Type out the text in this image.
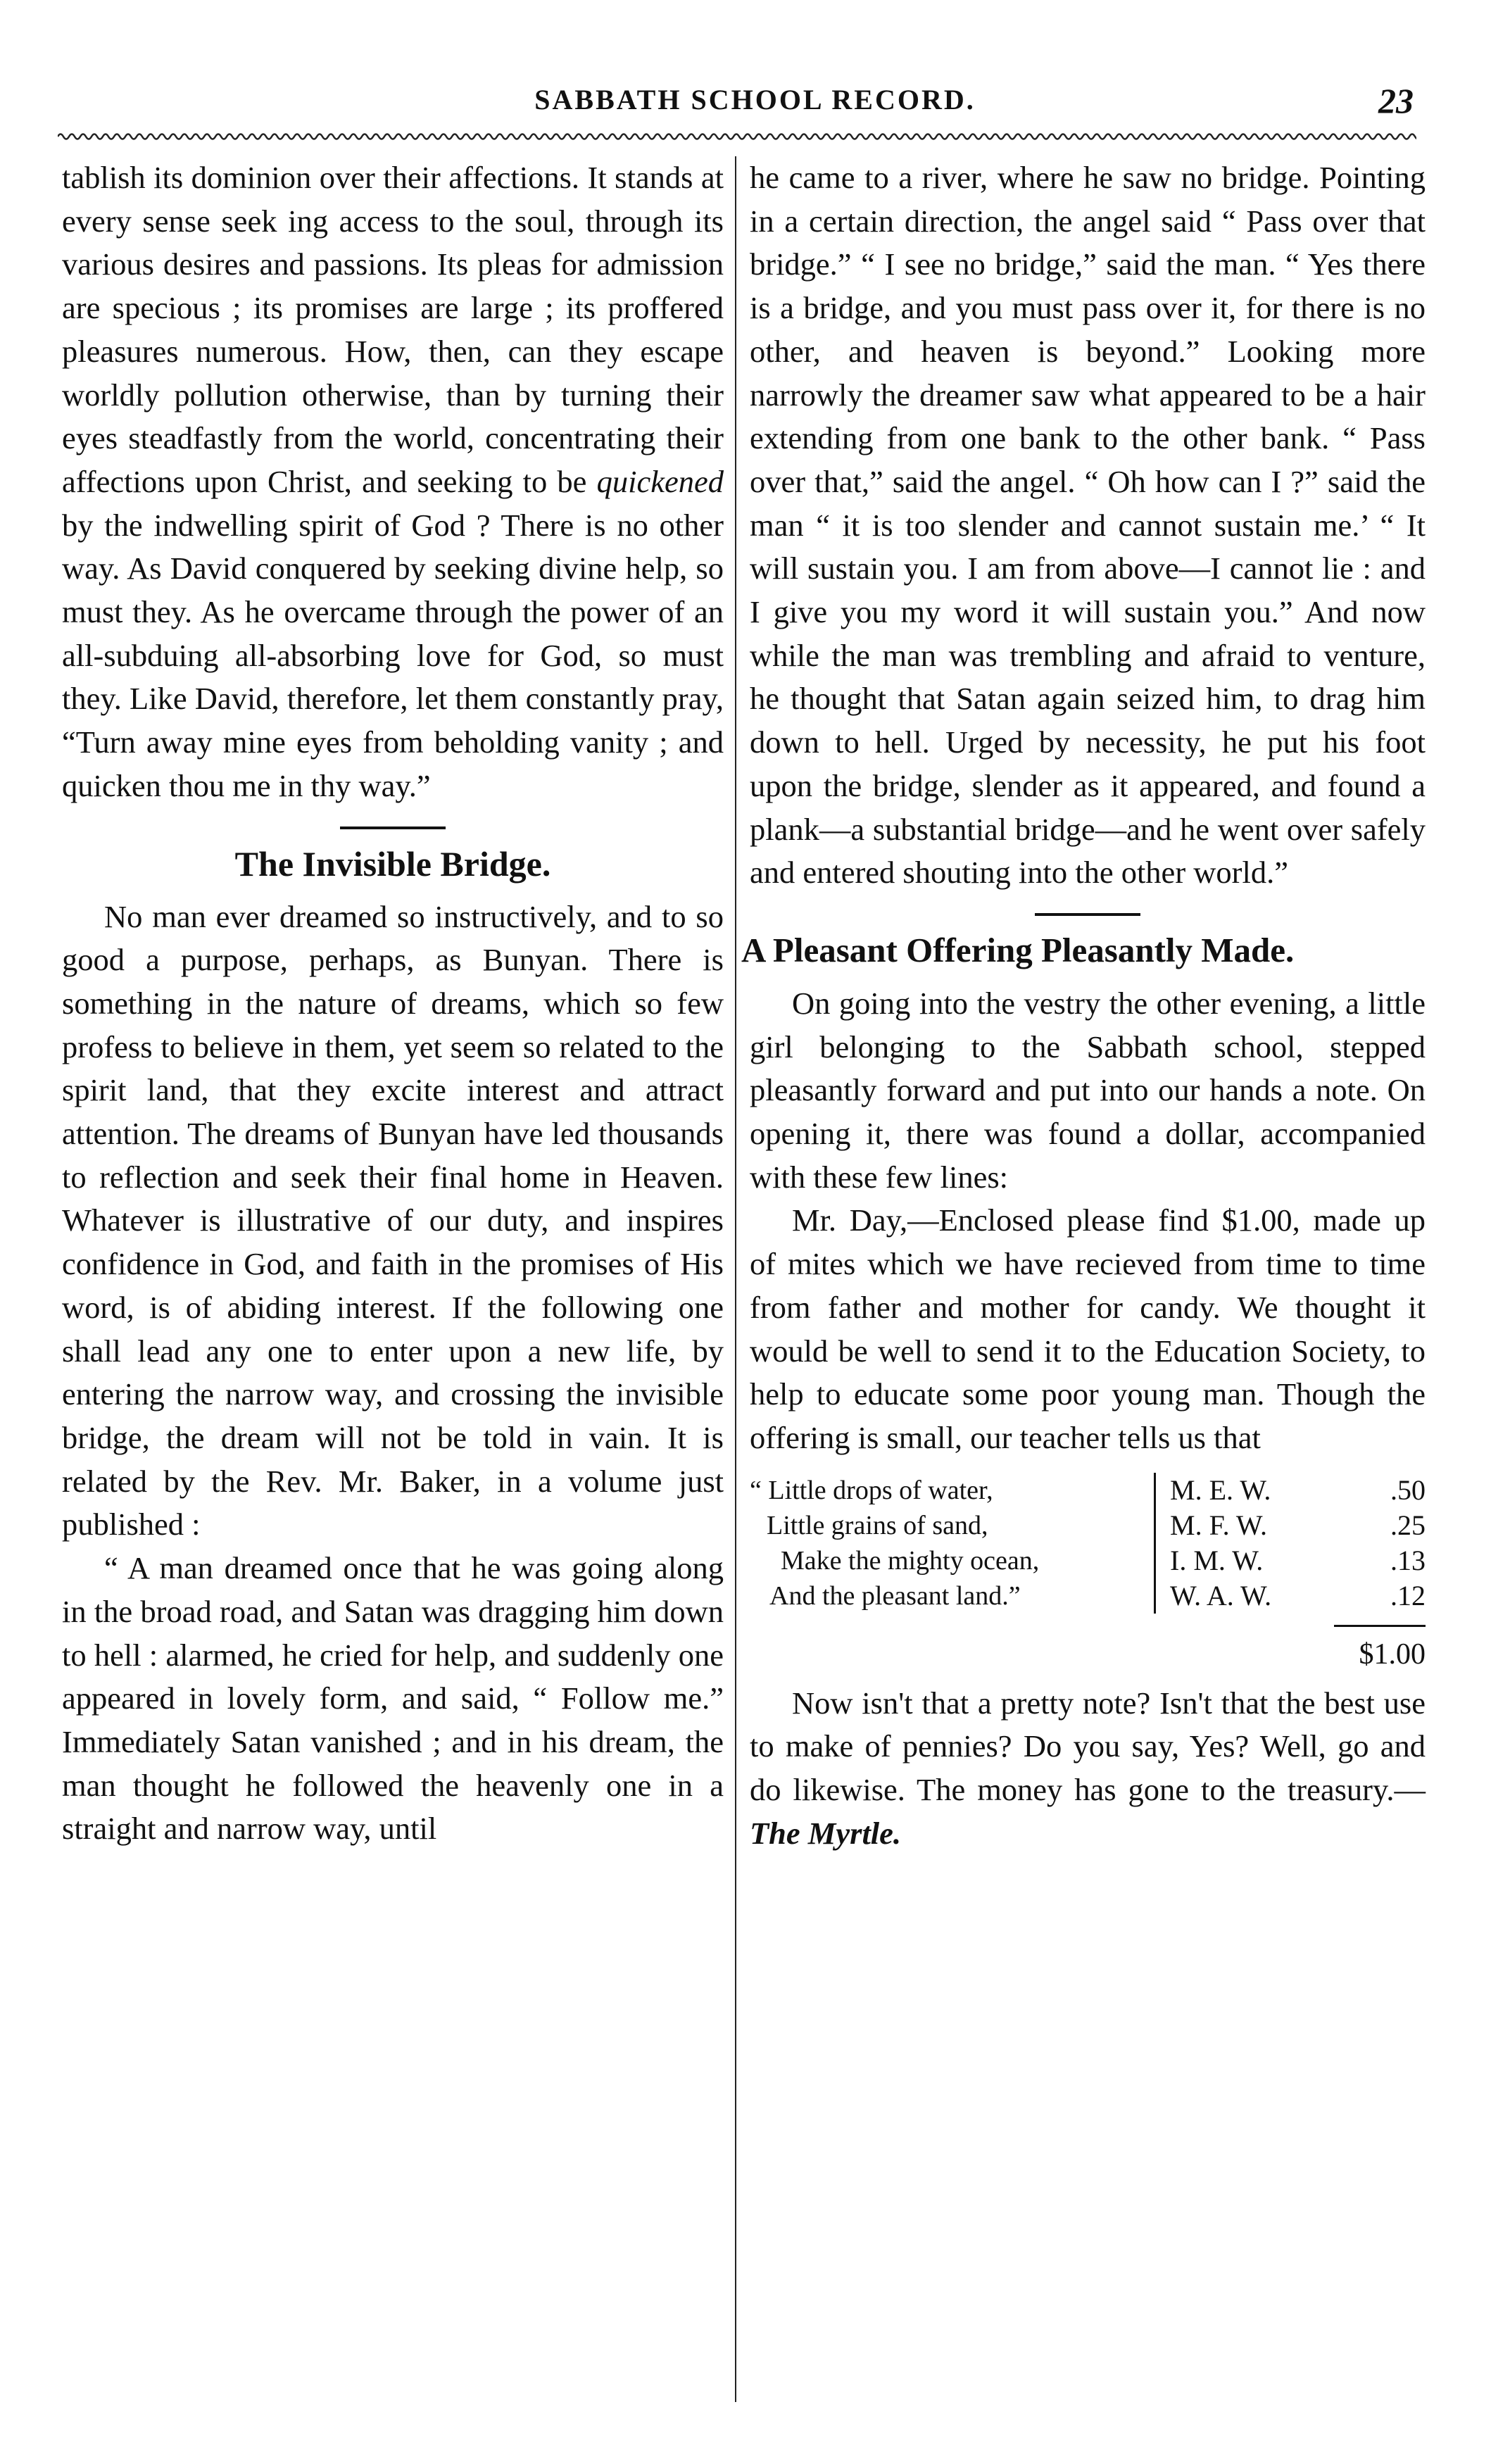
SABBATH SCHOOL RECORD.	23

tablish its dominion over their affections. It stands at every sense seek ing access to the soul, through its various desires and passions. Its pleas for admission are specious ; its promises are large ; its proffered pleasures numerous. How, then, can they escape worldly pollution otherwise, than by turning their eyes steadfastly from the world, concentrating their affections upon Christ, and seeking to be quickened by the indwelling spirit of God ? There is no other way. As David conquered by seeking divine help, so must they. As he overcame through the power of an all-subduing all-absorbing love for God, so must they. Like David, therefore, let them constantly pray, “Turn away mine eyes from beholding vanity ; and quicken thou me in thy way.”

The Invisible Bridge.

No man ever dreamed so instructively, and to so good a purpose, perhaps, as Bunyan. There is something in the nature of dreams, which so few profess to believe in them, yet seem so related to the spirit land, that they excite interest and attract attention. The dreams of Bunyan have led thousands to reflection and seek their final home in Heaven. Whatever is illustrative of our duty, and inspires confidence in God, and faith in the promises of His word, is of abiding interest. If the following one shall lead any one to enter upon a new life, by entering the narrow way, and crossing the invisible bridge, the dream will not be told in vain. It is related by the Rev. Mr. Baker, in a volume just published :

“ A man dreamed once that he was going along in the broad road, and Satan was dragging him down to hell : alarmed, he cried for help, and suddenly one appeared in lovely form, and said, “ Follow me.” Immediately Satan vanished ; and in his dream, the man thought he followed the heavenly one in a straight and narrow way, until

he came to a river, where he saw no bridge. Pointing in a certain direction, the angel said “ Pass over that bridge.” “ I see no bridge,” said the man. “ Yes there is a bridge, and you must pass over it, for there is no other, and heaven is beyond.” Looking more narrowly the dreamer saw what appeared to be a hair extending from one bank to the other bank. “ Pass over that,” said the angel. “ Oh how can I ?” said the man “ it is too slender and cannot sustain me.’ “ It will sustain you. I am from above—I cannot lie : and I give you my word it will sustain you.” And now while the man was trembling and afraid to venture, he thought that Satan again seized him, to drag him down to hell. Urged by necessity, he put his foot upon the bridge, slender as it appeared, and found a plank—a substantial bridge—and he went over safely and entered shouting into the other world.”

A Pleasant Offering Pleasantly Made.

On going into the vestry the other evening, a little girl belonging to the Sabbath school, stepped pleasantly forward and put into our hands a note. On opening it, there was found a dollar, accompanied with these few lines:

Mr. Day,—Enclosed please find $1.00, made up of mites which we have recieved from time to time from father and mother for candy. We thought it would be well to send it to the Education Society, to help to educate some poor young man. Though the offering is small, our teacher tells us that

“ Little drops of water,
Little grains of sand,
Make the mighty ocean,
And the pleasant land.”
M. E. W.	.50
M. F. W.	.25
I. M. W.	.13
W. A. W.	.12
$1.00

Now isn't that a pretty note? Isn't that the best use to make of pennies? Do you say, Yes? Well, go and do likewise. The money has gone to the treasury.—The Myrtle.
